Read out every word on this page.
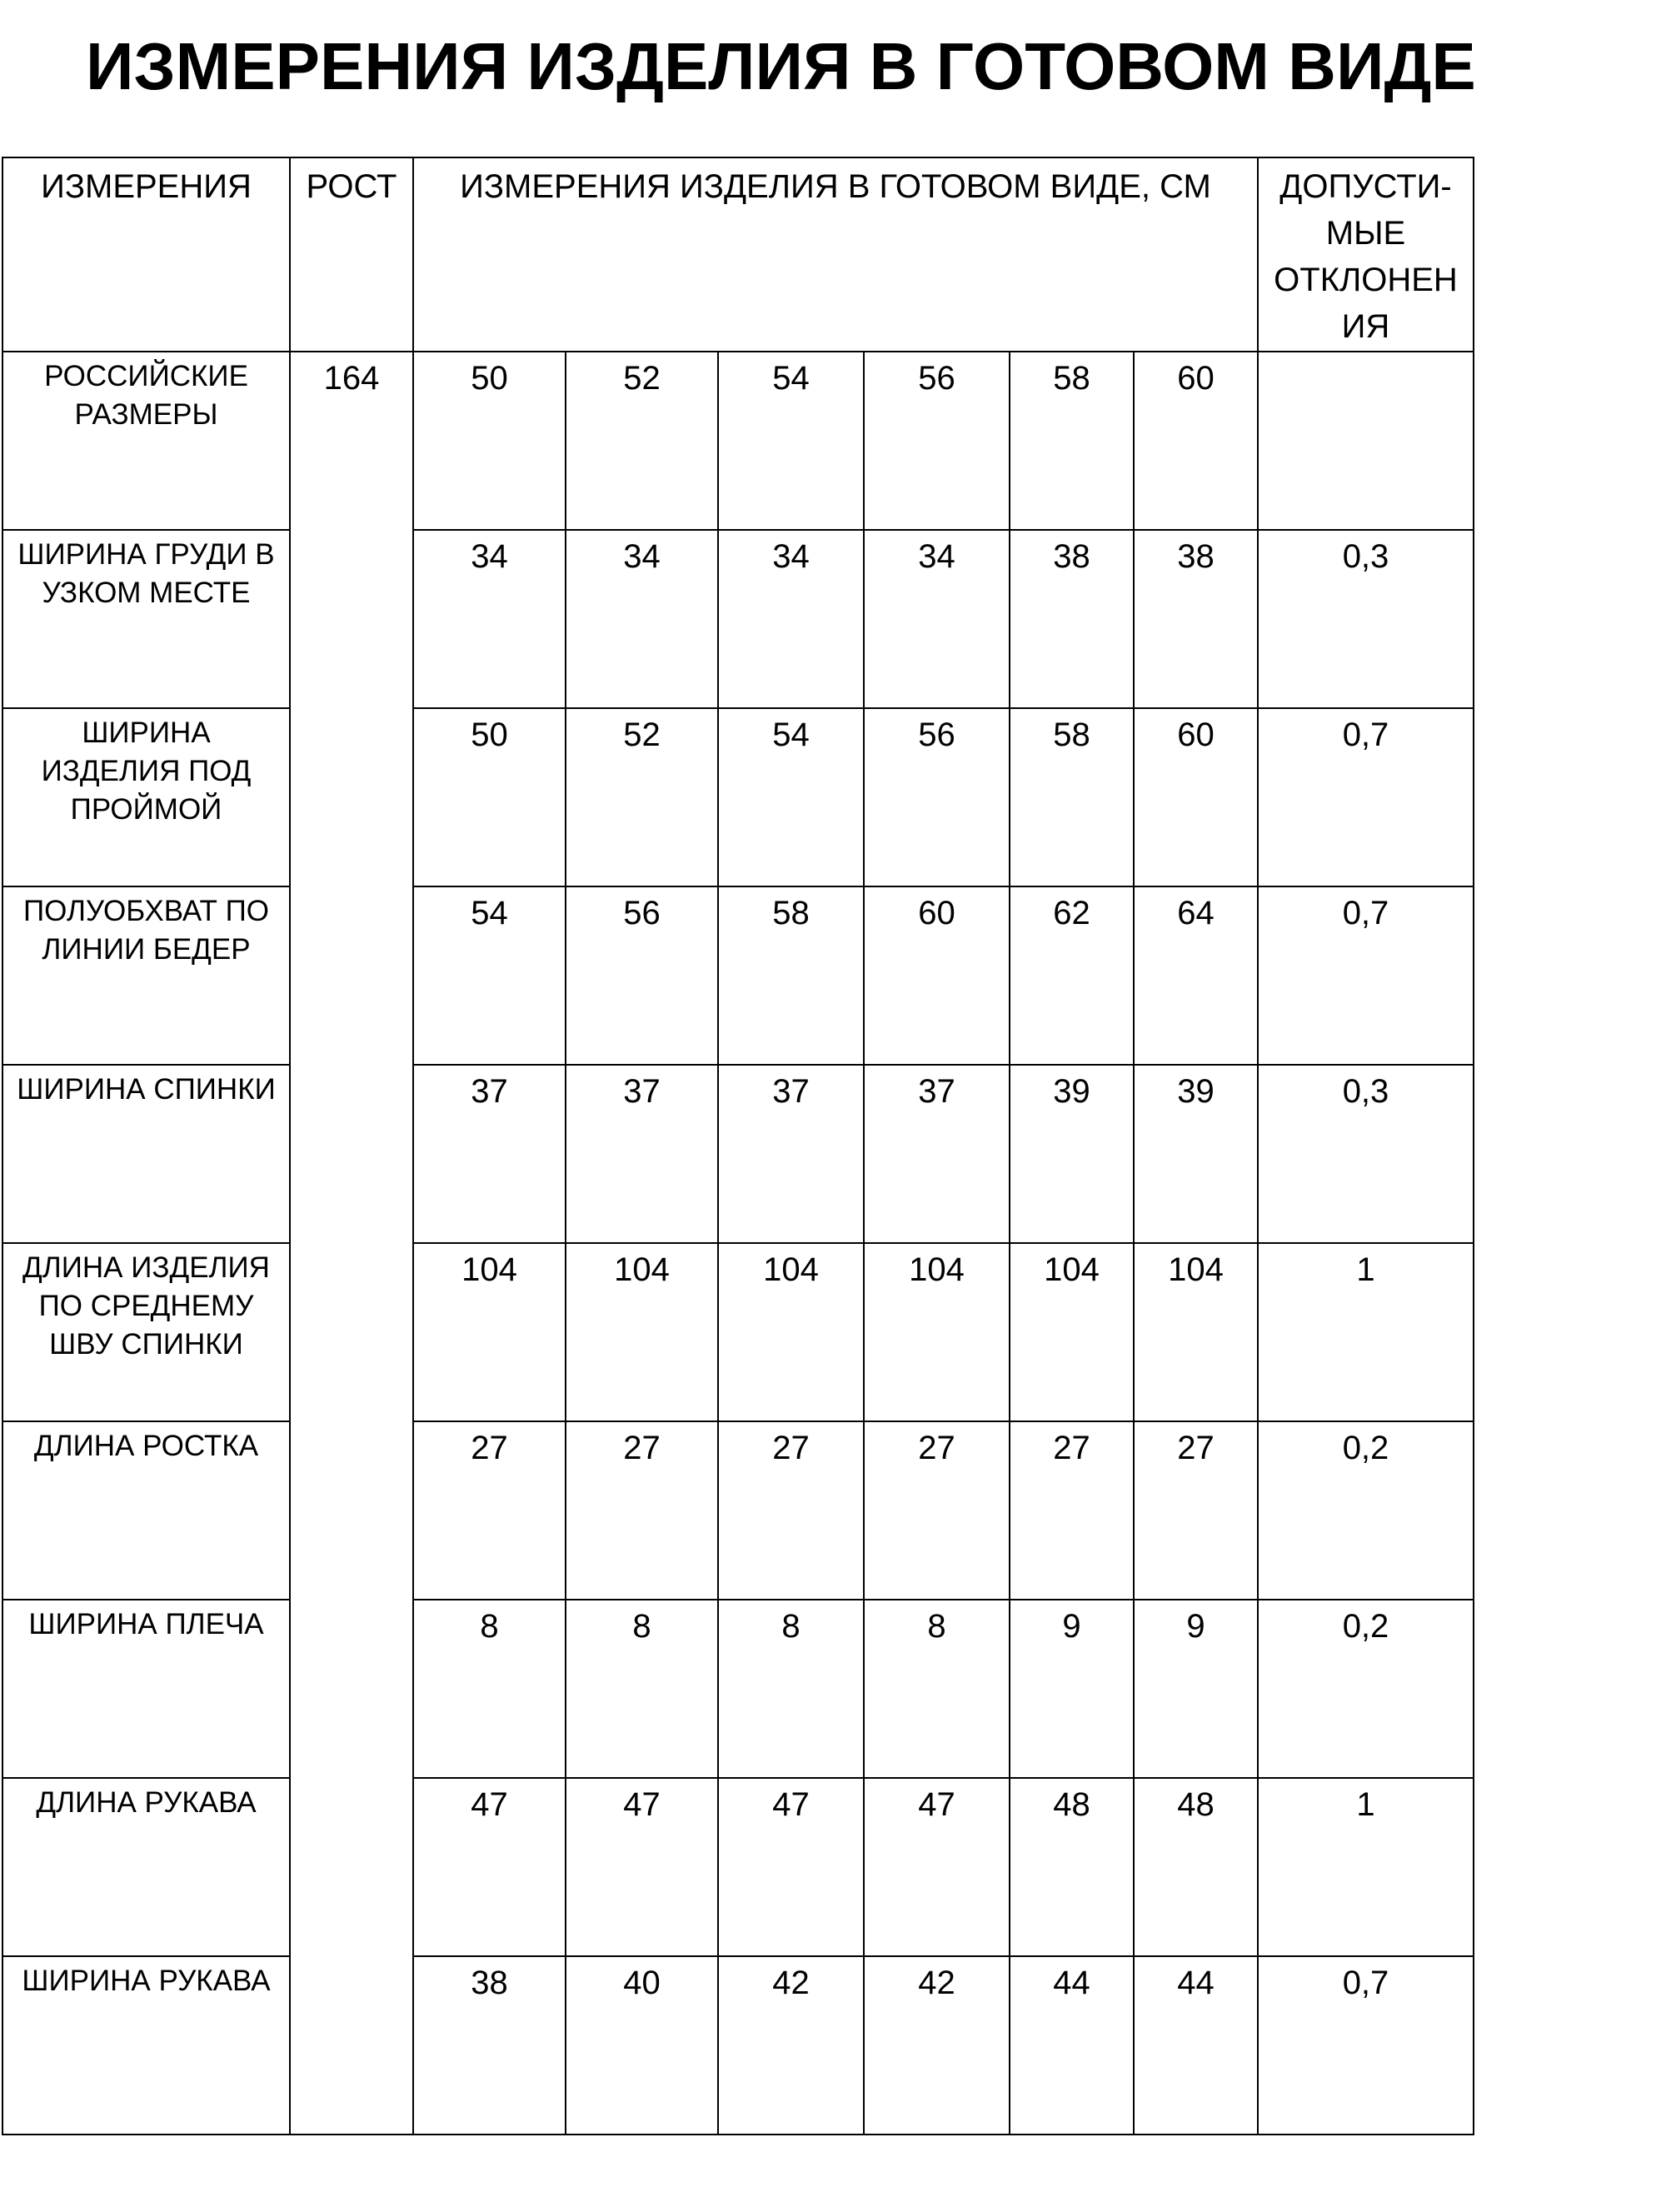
ИЗМЕРЕНИЯ ИЗДЕЛИЯ В ГОТОВОМ ВИДЕ
ИЗМЕРЕНИЯ	РОСТ	ИЗМЕРЕНИЯ ИЗДЕЛИЯ В ГОТОВОМ ВИДЕ, СМ						ДОПУСТИ-
МЫЕ
ОТКЛОНЕН
ИЯ

РОССИЙСКИЕ
РАЗМЕРЫ	164	50	52	54	56	58	60	

ШИРИНА ГРУДИ В
УЗКОМ МЕСТЕ		34	34	34	34	38	38	0,3

ШИРИНА
ИЗДЕЛИЯ ПОД
ПРОЙМОЙ		50	52	54	56	58	60	0,7

ПОЛУОБХВАТ ПО
ЛИНИИ БЕДЕР		54	56	58	60	62	64	0,7

ШИРИНА СПИНКИ		37	37	37	37	39	39	0,3

ДЛИНА ИЗДЕЛИЯ
ПО СРЕДНЕМУ
ШВУ СПИНКИ		104	104	104	104	104	104	1

ДЛИНА РОСТКА		27	27	27	27	27	27	0,2

ШИРИНА ПЛЕЧА		8	8	8	8	9	9	0,2

ДЛИНА РУКАВА		47	47	47	47	48	48	1

ШИРИНА РУКАВА		38	40	42	42	44	44	0,7
